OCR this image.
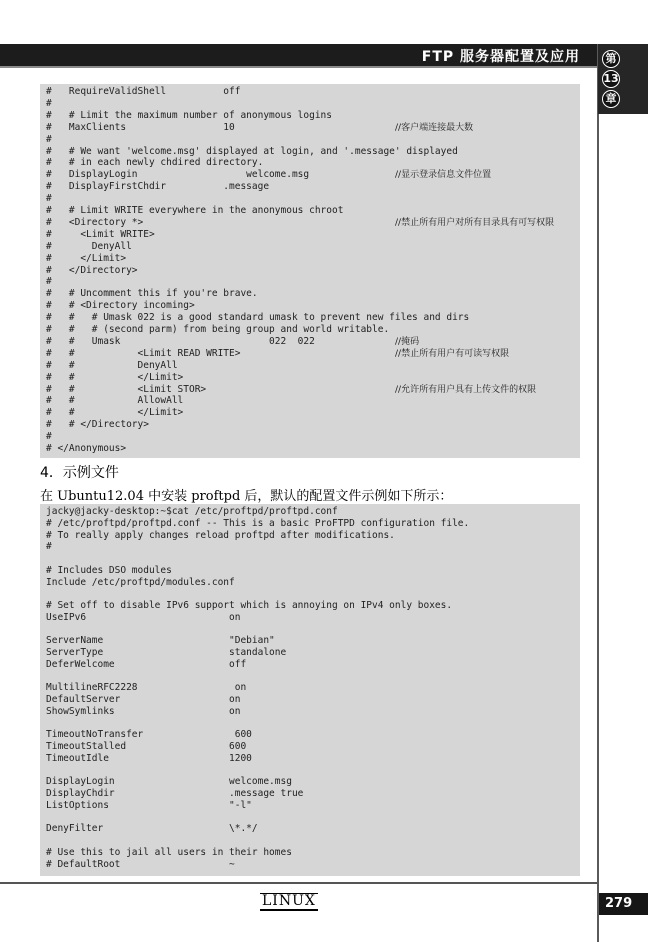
FTP 服务器配置及应用	第
13
章
#   RequireValidShell          off
#
#   # Limit the maximum number of anonymous logins
#   MaxClients                 10
#
#   # We want 'welcome.msg' displayed at login, and '.message' displayed
#   # in each newly chdired directory.
#   DisplayLogin                   welcome.msg
#   DisplayFirstChdir          .message
#
#   # Limit WRITE everywhere in the anonymous chroot
#   <Directory *>
#     <Limit WRITE>
#       DenyAll
#     </Limit>
#   </Directory>
#
#   # Uncomment this if you're brave.
#   # <Directory incoming>
#   #   # Umask 022 is a good standard umask to prevent new files and dirs
#   #   # (second parm) from being group and world writable.
#   #   Umask                          022  022
#   #           <Limit READ WRITE>
#   #           DenyAll
#   #           </Limit>
#   #           <Limit STOR>
#   #           AllowAll
#   #           </Limit>
#   # </Directory>
#
# </Anonymous>
//客户端连接最大数
//显示登录信息文件位置
//禁止所有用户对所有目录具有可写权限
//掩码
//禁止所有用户有可读写权限
//允许所有用户具有上传文件的权限
4．示例文件
在 Ubuntu12.04 中安装 proftpd 后，默认的配置文件示例如下所示：
jacky@jacky-desktop:~$cat /etc/proftpd/proftpd.conf
# /etc/proftpd/proftpd.conf -- This is a basic ProFTPD configuration file.
# To really apply changes reload proftpd after modifications.
#
# Includes DSO modules
Include /etc/proftpd/modules.conf
# Set off to disable IPv6 support which is annoying on IPv4 only boxes.
UseIPv6                         on
ServerName                      "Debian"
ServerType                      standalone
DeferWelcome                    off
MultilineRFC2228                 on
DefaultServer                   on
ShowSymlinks                    on
TimeoutNoTransfer                600
TimeoutStalled                  600
TimeoutIdle                     1200
DisplayLogin                    welcome.msg
DisplayChdir                    .message true
ListOptions                     "-l"
DenyFilter                      \*.*/
# Use this to jail all users in their homes
# DefaultRoot                   ~
LINUX	279
